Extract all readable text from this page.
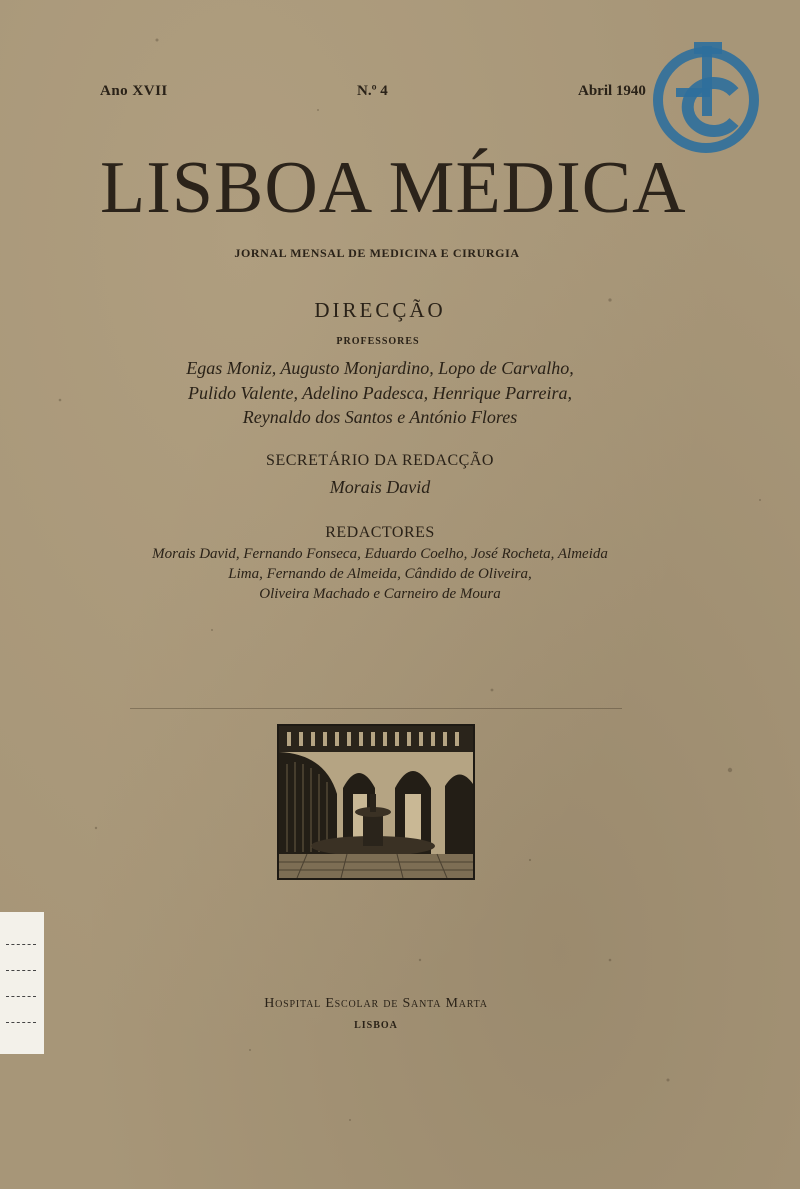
Ano XVII	N.º 4	Abril 1940
LISBOA MÉDICA
JORNAL MENSAL DE MEDICINA E CIRURGIA
DIRECÇÃO
PROFESSORES
Egas Moniz, Augusto Monjardino, Lopo de Carvalho,
Pulido Valente, Adelino Padesca, Henrique Parreira,
Reynaldo dos Santos e António Flores
SECRETÁRIO DA REDACÇÃO
Morais David
REDACTORES
Morais David, Fernando Fonseca, Eduardo Coelho, José Rocheta, Almeida
Lima, Fernando de Almeida, Cândido de Oliveira,
Oliveira Machado e Carneiro de Moura
Hospital Escolar de Santa Marta
LISBOA
